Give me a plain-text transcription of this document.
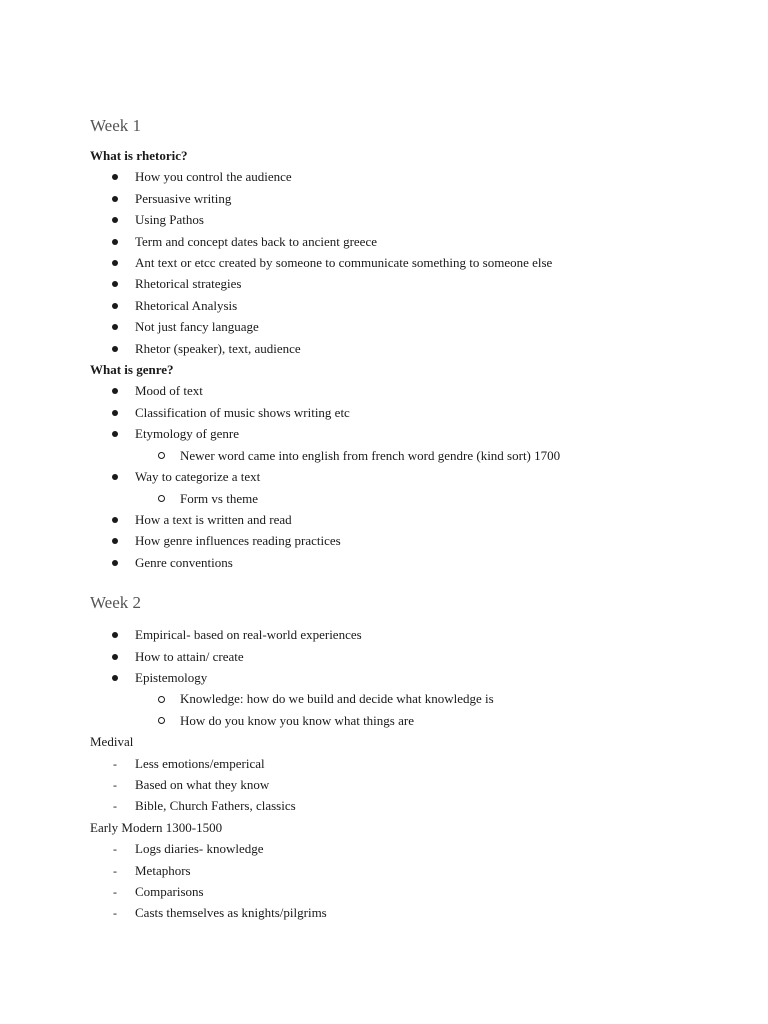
Week 1
What is rhetoric?
How you control the audience
Persuasive writing
Using Pathos
Term and concept dates back to ancient greece
Ant text or etcc created by someone to communicate something to someone else
Rhetorical strategies
Rhetorical Analysis
Not just fancy language
Rhetor (speaker), text, audience
What is genre?
Mood of text
Classification of music shows writing etc
Etymology of genre
Newer word came into english from french word gendre (kind sort) 1700
Way to categorize a text
Form vs theme
How a text is written and read
How genre influences reading practices
Genre conventions
Week 2
Empirical- based on real-world experiences
How to attain/ create
Epistemology
Knowledge: how do we build and decide what knowledge is
How do you know you know what things are
Medival
-
Less emotions/emperical
-
Based on what they know
-
Bible, Church Fathers, classics
Early Modern 1300-1500
-
Logs diaries- knowledge
-
Metaphors
-
Comparisons
-
Casts themselves as knights/pilgrims
